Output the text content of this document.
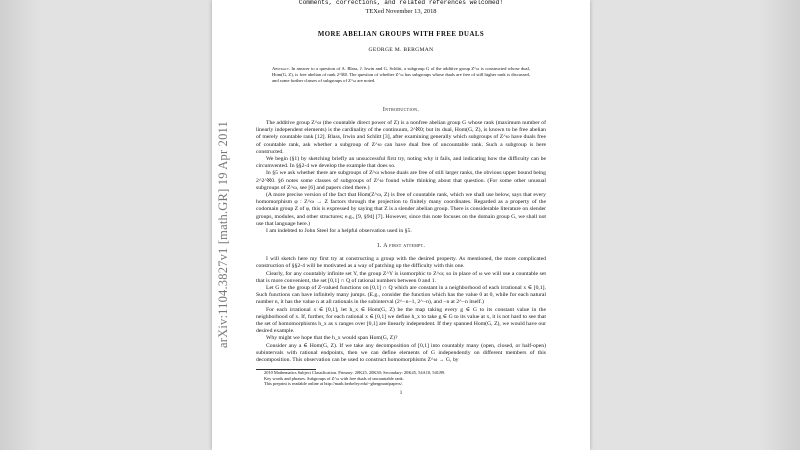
Comments, corrections, and related references welcomed!
TEXed November 13, 2018
MORE ABELIAN GROUPS WITH FREE DUALS
GEORGE M. BERGMAN
Abstract. In answer to a question of A. Blass, J. Irwin and G. Schlitt, a subgroup G of the additive group Z^ω is constructed whose dual, Hom(G, Z), is free abelian of rank 2^ℵ0. The question of whether Z^ω has subgroups whose duals are free of still higher rank is discussed, and some further classes of subgroups of Z^ω are noted.
Introduction.

The additive group Z^ω (the countable direct power of Z) is a nonfree abelian group G whose rank (maximum number of linearly independent elements) is the cardinality of the continuum, 2^ℵ0; but its dual, Hom(G, Z), is known to be free abelian of merely countable rank [12]. Blass, Irwin and Schlitt [3], after examining generally which subgroups of Z^ω have duals free of countable rank, ask whether a subgroup of Z^ω can have dual free of uncountable rank. Such a subgroup is here constructed.

We begin (§1) by sketching briefly an unsuccessful first try, noting why it fails, and indicating how the difficulty can be circumvented. In §§2-4 we develop the example that does so.

In §5 we ask whether there are subgroups of Z^ω whose duals are free of still larger ranks, the obvious upper bound being 2^2^ℵ0. §6 notes some classes of subgroups of Z^ω found while thinking about that question. (For some other unusual subgroups of Z^ω, see [6] and papers cited there.)

(A more precise version of the fact that Hom(Z^ω, Z) is free of countable rank, which we shall use below, says that every homomorphism φ : Z^ω → Z factors through the projection to finitely many coordinates. Regarded as a property of the codomain group Z of φ, this is expressed by saying that Z is a slender abelian group. There is considerable literature on slender groups, modules, and other structures; e.g., [9, §94] [7]. However, since this note focuses on the domain group G, we shall not use that language here.)

I am indebted to John Steel for a helpful observation used in §5.

1. A first attempt.

I will sketch here my first try at constructing a group with the desired property. As mentioned, the more complicated construction of §§2-4 will be motivated as a way of patching up the difficulty with this one.

Clearly, for any countably infinite set Y, the group Z^Y is isomorphic to Z^ω; so in place of ω we will use a countable set that is more convenient, the set [0,1] ∩ Q of rational numbers between 0 and 1.

Let G be the group of Z-valued functions on [0,1] ∩ Q which are constant in a neighborhood of each irrational x ∈ [0,1]. Such functions can have infinitely many jumps. (E.g., consider the function which has the value 0 at 0, while for each natural number n, it has the value n at all rationals in the subinterval (2^−n−1, 2^−n), and −n at 2^−n itself.)

For each irrational x ∈ [0,1], let h_x ∈ Hom(G, Z) be the map taking every g ∈ G to its constant value in the neighborhood of x. If, further, for each rational x ∈ [0,1] we define h_x to take g ∈ G to its value at x, it is not hard to see that the set of homomorphisms h_x as x ranges over [0,1] are linearly independent. If they spanned Hom(G, Z), we would have our desired example.

Why might we hope that the h_x would span Hom(G, Z)?

Consider any a ∈ Hom(G, Z). If we take any decomposition of [0,1] into countably many (open, closed, or half-open) subintervals with rational endpoints, then we can define elements of G independently on different members of this decomposition. This observation can be used to construct homomorphisms Z^ω → G, by

2010 Mathematics Subject Classification. Primary: 20K25, 20K30; Secondary: 20K45, 54A10, 54G99.

Key words and phrases. Subgroups of Z^ω with free duals of uncountable rank.

This preprint is readable online at http://math.berkeley.edu/~gbergman/papers/.

1
arXiv:1104.3827v1 [math.GR] 19 Apr 2011
